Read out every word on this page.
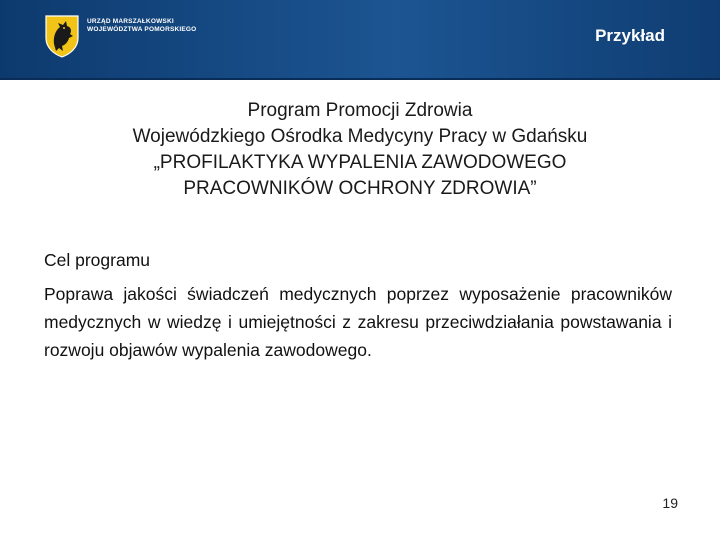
URZĄD MARSZAŁKOWSKI
WOJEWÓDZTWA POMORSKIEGO	Przykład
Program Promocji Zdrowia
Wojewódzkiego Ośrodka Medycyny Pracy w Gdańsku
„PROFILAKTYKA WYPALENIA ZAWODOWEGO
PRACOWNIKÓW OCHRONY ZDROWIA”
Cel programu
Poprawa jakości świadczeń medycznych poprzez wyposażenie pracowników medycznych w wiedzę i umiejętności z zakresu przeciwdziałania powstawania i rozwoju objawów wypalenia zawodowego.
19
